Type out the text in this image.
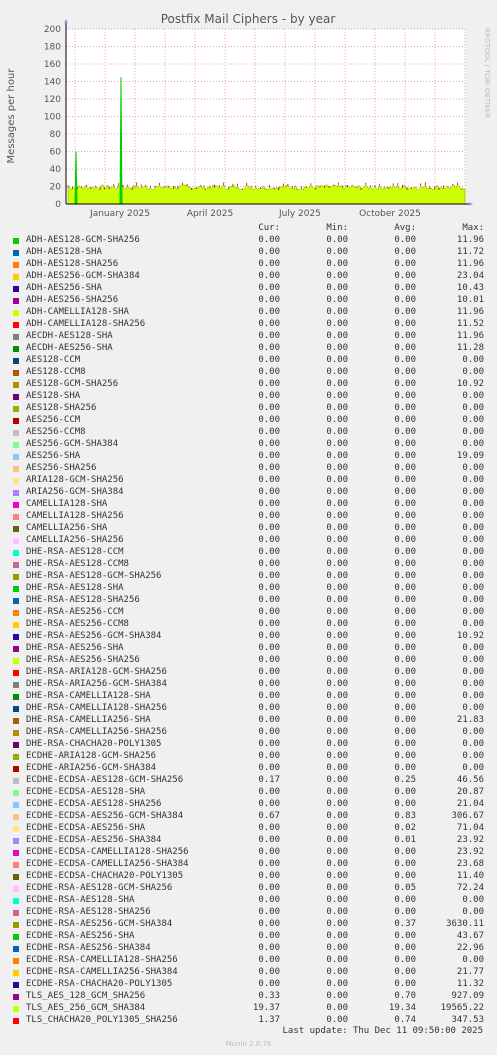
Postfix Mail Ciphers - by year
0
20
40
60
80
100
120
140
160
180
200
January 2025	April 2025	July 2025	October 2025
Messages per hour	RRDTOOL / TOBI OETIKER
Cur:	Min:	Avg:	Max:
ADH-AES128-GCM-SHA256	0.00	0.00	0.00	11.96
ADH-AES128-SHA	0.00	0.00	0.00	11.72
ADH-AES128-SHA256	0.00	0.00	0.00	11.96
ADH-AES256-GCM-SHA384	0.00	0.00	0.00	23.04
ADH-AES256-SHA	0.00	0.00	0.00	10.43
ADH-AES256-SHA256	0.00	0.00	0.00	10.01
ADH-CAMELLIA128-SHA	0.00	0.00	0.00	11.96
ADH-CAMELLIA128-SHA256	0.00	0.00	0.00	11.52
AECDH-AES128-SHA	0.00	0.00	0.00	11.96
AECDH-AES256-SHA	0.00	0.00	0.00	11.28
AES128-CCM	0.00	0.00	0.00	0.00
AES128-CCM8	0.00	0.00	0.00	0.00
AES128-GCM-SHA256	0.00	0.00	0.00	10.92
AES128-SHA	0.00	0.00	0.00	0.00
AES128-SHA256	0.00	0.00	0.00	0.00
AES256-CCM	0.00	0.00	0.00	0.00
AES256-CCM8	0.00	0.00	0.00	0.00
AES256-GCM-SHA384	0.00	0.00	0.00	0.00
AES256-SHA	0.00	0.00	0.00	19.09
AES256-SHA256	0.00	0.00	0.00	0.00
ARIA128-GCM-SHA256	0.00	0.00	0.00	0.00
ARIA256-GCM-SHA384	0.00	0.00	0.00	0.00
CAMELLIA128-SHA	0.00	0.00	0.00	0.00
CAMELLIA128-SHA256	0.00	0.00	0.00	0.00
CAMELLIA256-SHA	0.00	0.00	0.00	0.00
CAMELLIA256-SHA256	0.00	0.00	0.00	0.00
DHE-RSA-AES128-CCM	0.00	0.00	0.00	0.00
DHE-RSA-AES128-CCM8	0.00	0.00	0.00	0.00
DHE-RSA-AES128-GCM-SHA256	0.00	0.00	0.00	0.00
DHE-RSA-AES128-SHA	0.00	0.00	0.00	0.00
DHE-RSA-AES128-SHA256	0.00	0.00	0.00	0.00
DHE-RSA-AES256-CCM	0.00	0.00	0.00	0.00
DHE-RSA-AES256-CCM8	0.00	0.00	0.00	0.00
DHE-RSA-AES256-GCM-SHA384	0.00	0.00	0.00	10.92
DHE-RSA-AES256-SHA	0.00	0.00	0.00	0.00
DHE-RSA-AES256-SHA256	0.00	0.00	0.00	0.00
DHE-RSA-ARIA128-GCM-SHA256	0.00	0.00	0.00	0.00
DHE-RSA-ARIA256-GCM-SHA384	0.00	0.00	0.00	0.00
DHE-RSA-CAMELLIA128-SHA	0.00	0.00	0.00	0.00
DHE-RSA-CAMELLIA128-SHA256	0.00	0.00	0.00	0.00
DHE-RSA-CAMELLIA256-SHA	0.00	0.00	0.00	21.83
DHE-RSA-CAMELLIA256-SHA256	0.00	0.00	0.00	0.00
DHE-RSA-CHACHA20-POLY1305	0.00	0.00	0.00	0.00
ECDHE-ARIA128-GCM-SHA256	0.00	0.00	0.00	0.00
ECDHE-ARIA256-GCM-SHA384	0.00	0.00	0.00	0.00
ECDHE-ECDSA-AES128-GCM-SHA256	0.17	0.00	0.25	46.56
ECDHE-ECDSA-AES128-SHA	0.00	0.00	0.00	20.87
ECDHE-ECDSA-AES128-SHA256	0.00	0.00	0.00	21.04
ECDHE-ECDSA-AES256-GCM-SHA384	0.67	0.00	0.83	306.67
ECDHE-ECDSA-AES256-SHA	0.00	0.00	0.02	71.04
ECDHE-ECDSA-AES256-SHA384	0.00	0.00	0.01	23.92
ECDHE-ECDSA-CAMELLIA128-SHA256	0.00	0.00	0.00	23.92
ECDHE-ECDSA-CAMELLIA256-SHA384	0.00	0.00	0.00	23.68
ECDHE-ECDSA-CHACHA20-POLY1305	0.00	0.00	0.00	11.40
ECDHE-RSA-AES128-GCM-SHA256	0.00	0.00	0.05	72.24
ECDHE-RSA-AES128-SHA	0.00	0.00	0.00	0.00
ECDHE-RSA-AES128-SHA256	0.00	0.00	0.00	0.00
ECDHE-RSA-AES256-GCM-SHA384	0.00	0.00	0.37	3630.11
ECDHE-RSA-AES256-SHA	0.00	0.00	0.00	43.67
ECDHE-RSA-AES256-SHA384	0.00	0.00	0.00	22.96
ECDHE-RSA-CAMELLIA128-SHA256	0.00	0.00	0.00	0.00
ECDHE-RSA-CAMELLIA256-SHA384	0.00	0.00	0.00	21.77
ECDHE-RSA-CHACHA20-POLY1305	0.00	0.00	0.00	11.32
TLS_AES_128_GCM_SHA256	0.33	0.00	0.70	927.09
TLS_AES_256_GCM_SHA384	19.37	0.00	19.34	19565.22
TLS_CHACHA20_POLY1305_SHA256	1.37	0.00	0.74	347.53
Last update: Thu Dec 11 09:50:00 2025
Munin 2.0.76
